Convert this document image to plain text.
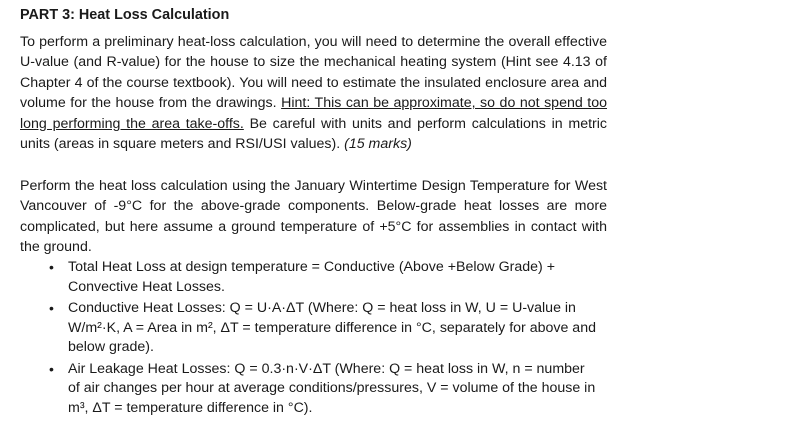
PART 3: Heat Loss Calculation

To perform a preliminary heat-loss calculation, you will need to determine the overall effective U-value (and R-value) for the house to size the mechanical heating system (Hint see 4.13 of Chapter 4 of the course textbook). You will need to estimate the insulated enclosure area and volume for the house from the drawings. Hint: This can be approximate, so do not spend too long performing the area take-offs. Be careful with units and perform calculations in metric units (areas in square meters and RSI/USI values). (15 marks)

Perform the heat loss calculation using the January Wintertime Design Temperature for West Vancouver of -9°C for the above-grade components. Below-grade heat losses are more complicated, but here assume a ground temperature of +5°C for assemblies in contact with the ground.

• Total Heat Loss at design temperature = Conductive (Above +Below Grade) + Convective Heat Losses.
• Conductive Heat Losses: Q = U·A·ΔT (Where: Q = heat loss in W, U = U-value in W/m²·K, A = Area in m², ΔT = temperature difference in °C, separately for above and below grade).
• Air Leakage Heat Losses: Q = 0.3·n·V·ΔT (Where: Q = heat loss in W, n = number of air changes per hour at average conditions/pressures, V = volume of the house in m³, ΔT = temperature difference in °C).
